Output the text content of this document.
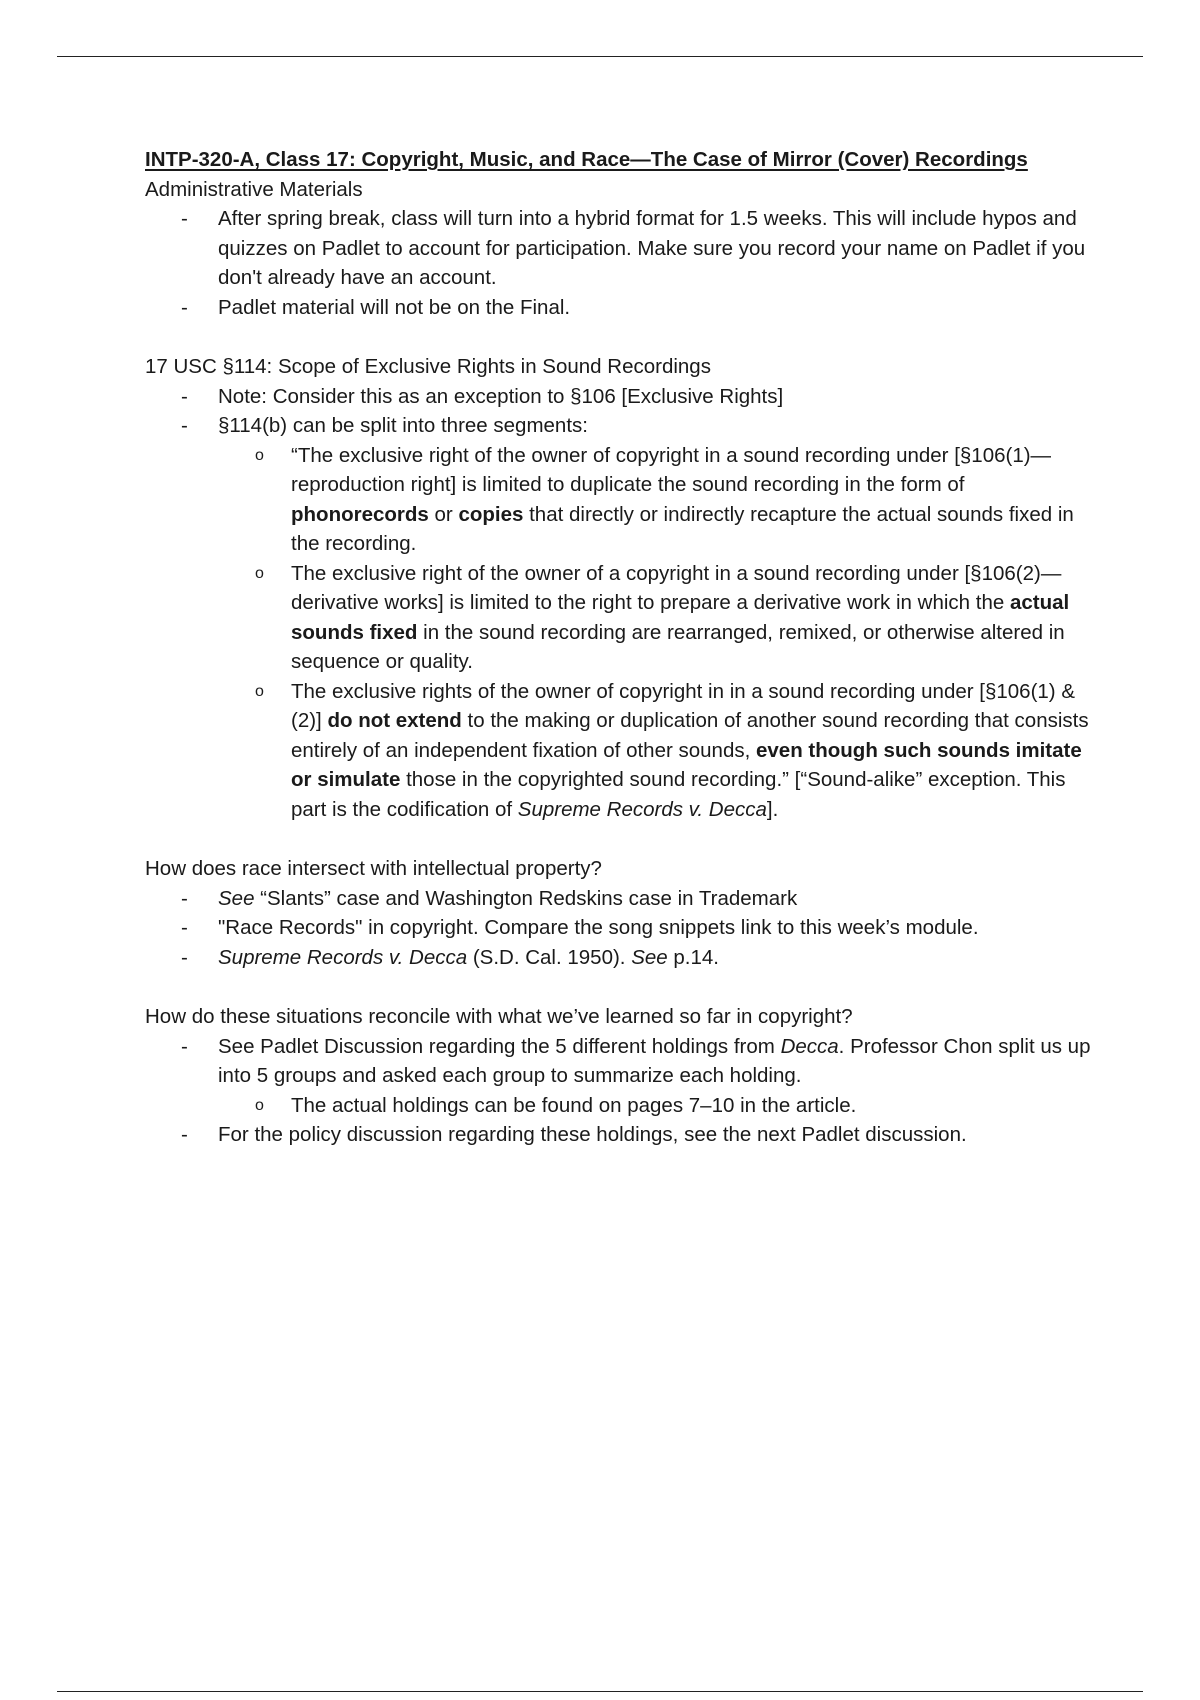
INTP-320-A, Class 17: Copyright, Music, and Race—The Case of Mirror (Cover) Recordings
Administrative Materials
- After spring break, class will turn into a hybrid format for 1.5 weeks. This will include hypos and quizzes on Padlet to account for participation. Make sure you record your name on Padlet if you don't already have an account.
- Padlet material will not be on the Final.
17 USC §114: Scope of Exclusive Rights in Sound Recordings
- Note: Consider this as an exception to §106 [Exclusive Rights]
- §114(b) can be split into three segments:
o “The exclusive right of the owner of copyright in a sound recording under [§106(1)—reproduction right] is limited to duplicate the sound recording in the form of phonorecords or copies that directly or indirectly recapture the actual sounds fixed in the recording.
o The exclusive right of the owner of a copyright in a sound recording under [§106(2)—derivative works] is limited to the right to prepare a derivative work in which the actual sounds fixed in the sound recording are rearranged, remixed, or otherwise altered in sequence or quality.
o The exclusive rights of the owner of copyright in in a sound recording under [§106(1) & (2)] do not extend to the making or duplication of another sound recording that consists entirely of an independent fixation of other sounds, even though such sounds imitate or simulate those in the copyrighted sound recording.” [“Sound-alike” exception. This part is the codification of Supreme Records v. Decca].
How does race intersect with intellectual property?
- See “Slants” case and Washington Redskins case in Trademark
- "Race Records" in copyright. Compare the song snippets link to this week’s module.
- Supreme Records v. Decca (S.D. Cal. 1950). See p.14.
How do these situations reconcile with what we’ve learned so far in copyright?
- See Padlet Discussion regarding the 5 different holdings from Decca. Professor Chon split us up into 5 groups and asked each group to summarize each holding.
o The actual holdings can be found on pages 7–10 in the article.
- For the policy discussion regarding these holdings, see the next Padlet discussion.
